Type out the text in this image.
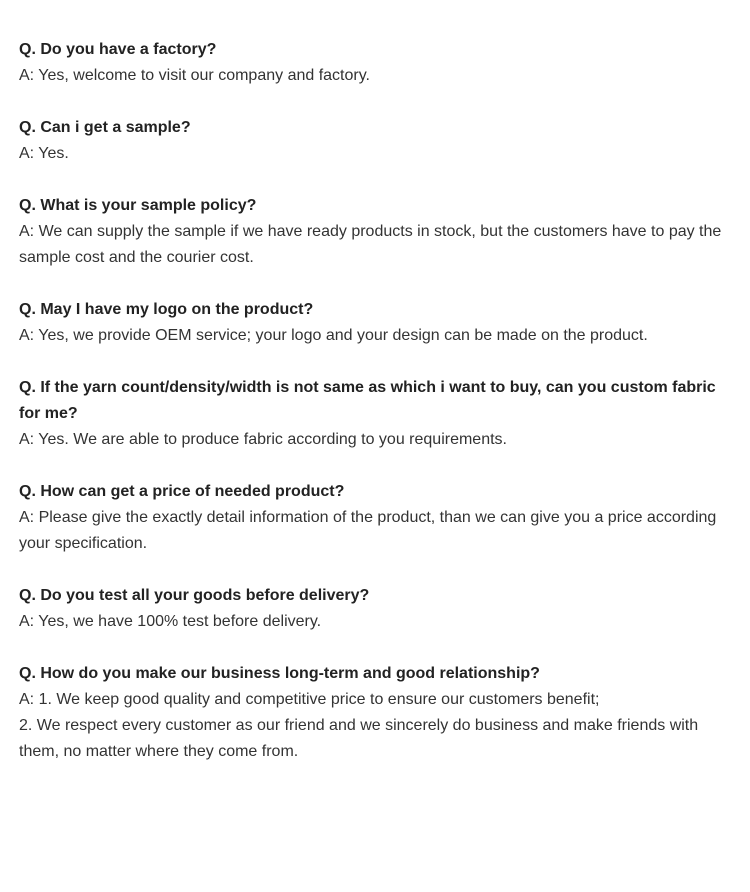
Q. Do you have a factory?

A: Yes, welcome to visit our company and factory.

Q. Can i get a sample?

A: Yes.

Q. What is your sample policy?

A: We can supply the sample if we have ready products in stock, but the customers have to pay the sample cost and the courier cost.

Q. May I have my logo on the product?

A: Yes, we provide OEM service; your logo and your design can be made on the product.

Q. If the yarn count/density/width is not same as which i want to buy, can you custom fabric for me?

A: Yes. We are able to produce fabric according to you requirements.

Q. How can get a price of needed product?

A: Please give the exactly detail information of the product, than we can give you a price according your specification.

Q. Do you test all your goods before delivery?

A: Yes, we have 100% test before delivery.

Q. How do you make our business long-term and good relationship?

A: 1. We keep good quality and competitive price to ensure our customers benefit;

2. We respect every customer as our friend and we sincerely do business and make friends with them, no matter where they come from.
